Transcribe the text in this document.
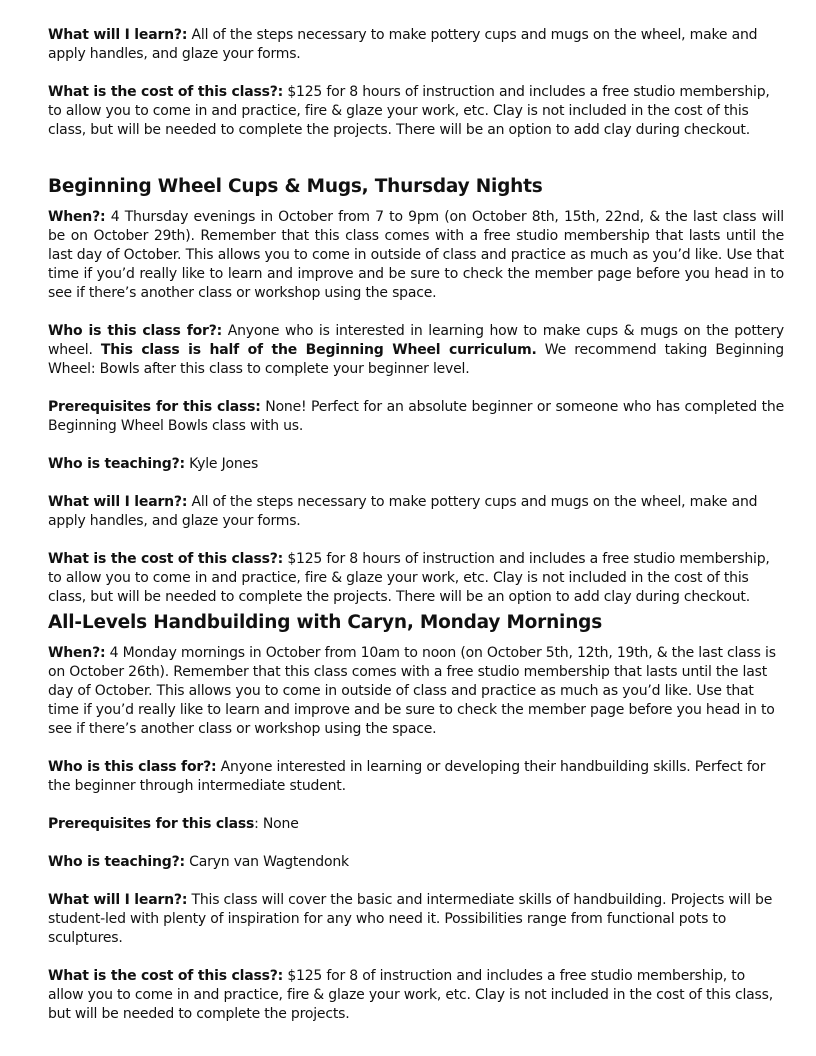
What will I learn?: All of the steps necessary to make pottery cups and mugs on the wheel, make and apply handles, and glaze your forms.

What is the cost of this class?: $125 for 8 hours of instruction and includes a free studio membership, to allow you to come in and practice, fire & glaze your work, etc. Clay is not included in the cost of this class, but will be needed to complete the projects. There will be an option to add clay during checkout.

Beginning Wheel Cups & Mugs, Thursday Nights

When?: 4 Thursday evenings in October from 7 to 9pm (on October 8th, 15th, 22nd, & the last class will be on October 29th). Remember that this class comes with a free studio membership that lasts until the last day of October. This allows you to come in outside of class and practice as much as you’d like. Use that time if you’d really like to learn and improve and be sure to check the member page before you head in to see if there’s another class or workshop using the space.

Who is this class for?: Anyone who is interested in learning how to make cups & mugs on the pottery wheel. This class is half of the Beginning Wheel curriculum. We recommend taking Beginning Wheel: Bowls after this class to complete your beginner level.

Prerequisites for this class: None! Perfect for an absolute beginner or someone who has completed the Beginning Wheel Bowls class with us.

Who is teaching?: Kyle Jones

What will I learn?: All of the steps necessary to make pottery cups and mugs on the wheel, make and apply handles, and glaze your forms.

What is the cost of this class?: $125 for 8 hours of instruction and includes a free studio membership, to allow you to come in and practice, fire & glaze your work, etc. Clay is not included in the cost of this class, but will be needed to complete the projects. There will be an option to add clay during checkout.

All-Levels Handbuilding with Caryn, Monday Mornings

When?: 4 Monday mornings in October from 10am to noon (on October 5th, 12th, 19th, & the last class is on October 26th). Remember that this class comes with a free studio membership that lasts until the last day of October. This allows you to come in outside of class and practice as much as you’d like. Use that time if you’d really like to learn and improve and be sure to check the member page before you head in to see if there’s another class or workshop using the space.

Who is this class for?: Anyone interested in learning or developing their handbuilding skills. Perfect for the beginner through intermediate student.

Prerequisites for this class: None

Who is teaching?: Caryn van Wagtendonk

What will I learn?: This class will cover the basic and intermediate skills of handbuilding. Projects will be student-led with plenty of inspiration for any who need it. Possibilities range from functional pots to sculptures.

What is the cost of this class?: $125 for 8 of instruction and includes a free studio membership, to allow you to come in and practice, fire & glaze your work, etc. Clay is not included in the cost of this class, but will be needed to complete the projects.
